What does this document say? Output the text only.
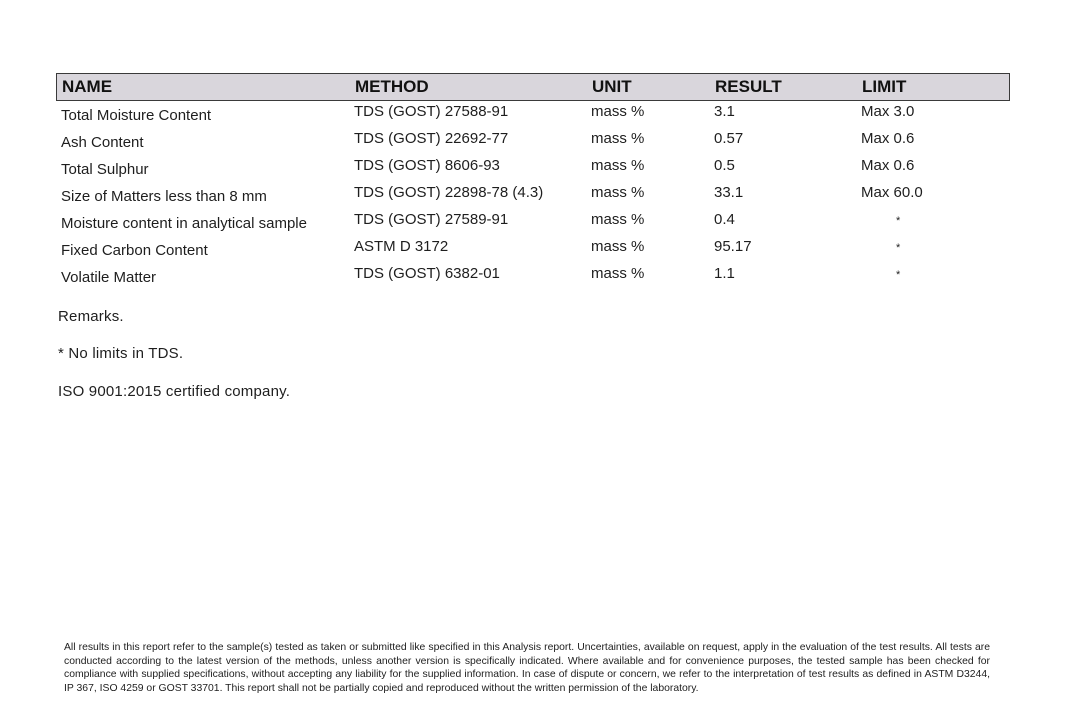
NAME	METHOD	UNIT	RESULT	LIMIT
Total Moisture Content	TDS (GOST) 27588-91	mass %	3.1	Max 3.0
Ash Content	TDS (GOST) 22692-77	mass %	0.57	Max 0.6
Total Sulphur	TDS (GOST) 8606-93	mass %	0.5	Max 0.6
Size of Matters less than 8 mm	TDS (GOST) 22898-78 (4.3)	mass %	33.1	Max 60.0
Moisture content in analytical sample	TDS (GOST) 27589-91	mass %	0.4	*
Fixed Carbon Content	ASTM D 3172	mass %	95.17	*
Volatile Matter	TDS (GOST) 6382-01	mass %	1.1	*
Remarks.
* No limits in TDS.
ISO 9001:2015 certified company.
All results in this report refer to the sample(s) tested as taken or submitted like specified in this Analysis report. Uncertainties, available on request, apply in the evaluation of the test results. All tests are conducted according to the latest version of the methods, unless another version is specifically indicated. Where available and for convenience purposes, the tested sample has been checked for compliance with supplied specifications, without accepting any liability for the supplied information. In case of dispute or concern, we refer to the interpretation of test results as defined in ASTM D3244, IP 367, ISO 4259 or GOST 33701. This report shall not be partially copied and reproduced without the written permission of the laboratory.
